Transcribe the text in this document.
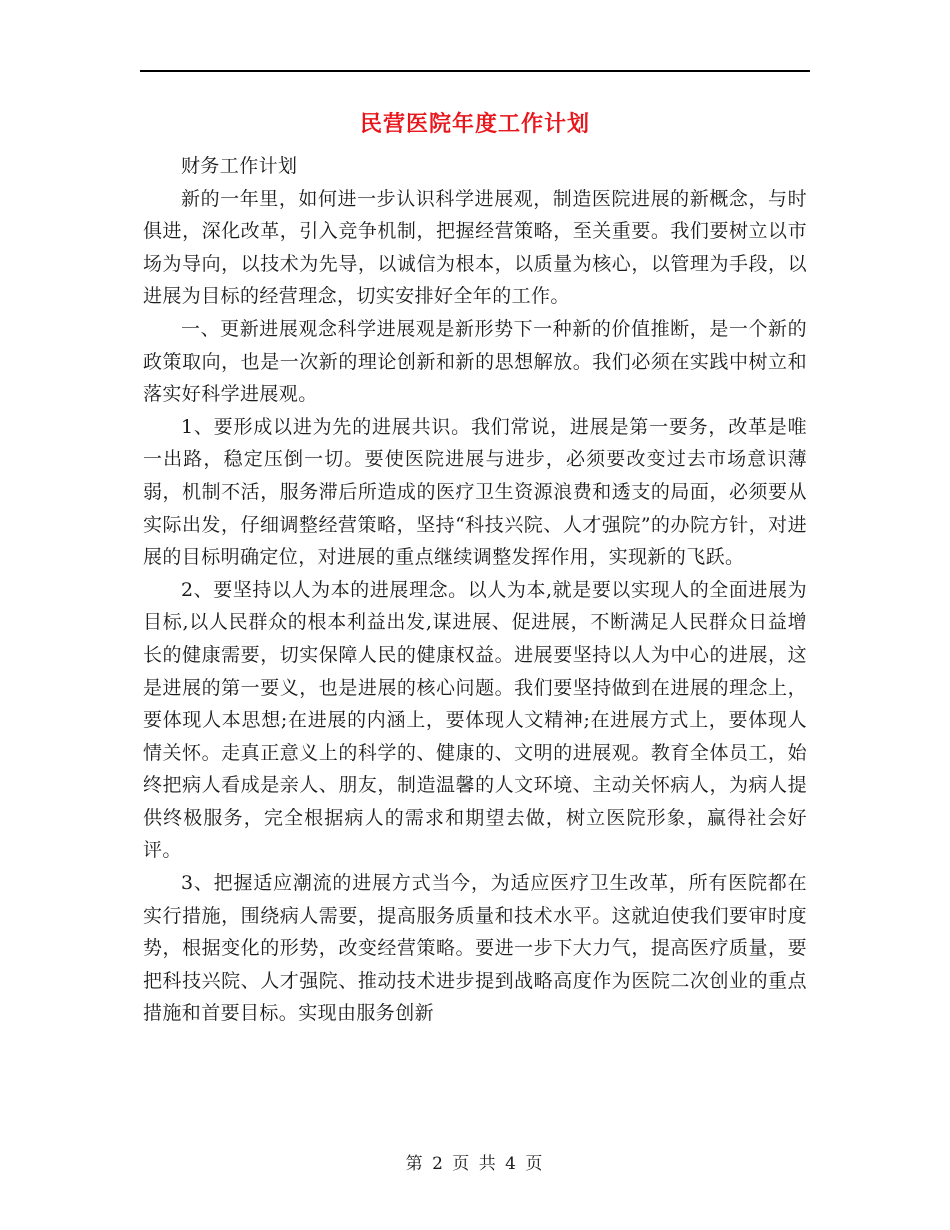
民营医院年度工作计划

财务工作计划

新的一年里，如何进一步认识科学进展观，制造医院进展的新概念，与时俱进，深化改革，引入竞争机制，把握经营策略，至关重要。我们要树立以市场为导向，以技术为先导，以诚信为根本，以质量为核心，以管理为手段，以进展为目标的经营理念，切实安排好全年的工作。

一、更新进展观念科学进展观是新形势下一种新的价值推断，是一个新的政策取向，也是一次新的理论创新和新的思想解放。我们必须在实践中树立和落实好科学进展观。

1、要形成以进为先的进展共识。我们常说，进展是第一要务，改革是唯一出路，稳定压倒一切。要使医院进展与进步，必须要改变过去市场意识薄弱，机制不活，服务滞后所造成的医疗卫生资源浪费和透支的局面，必须要从实际出发，仔细调整经营策略，坚持“科技兴院、人才强院”的办院方针，对进展的目标明确定位，对进展的重点继续调整发挥作用，实现新的飞跃。

2、要坚持以人为本的进展理念。以人为本,就是要以实现人的全面进展为目标,以人民群众的根本利益出发,谋进展、促进展，不断满足人民群众日益增长的健康需要，切实保障人民的健康权益。进展要坚持以人为中心的进展，这是进展的第一要义，也是进展的核心问题。我们要坚持做到在进展的理念上，要体现人本思想;在进展的内涵上，要体现人文精神;在进展方式上，要体现人情关怀。走真正意义上的科学的、健康的、文明的进展观。教育全体员工，始终把病人看成是亲人、朋友，制造温馨的人文环境、主动关怀病人，为病人提供终极服务，完全根据病人的需求和期望去做，树立医院形象，赢得社会好评。

3、把握适应潮流的进展方式当今，为适应医疗卫生改革，所有医院都在实行措施，围绕病人需要，提高服务质量和技术水平。这就迫使我们要审时度势，根据变化的形势，改变经营策略。要进一步下大力气，提高医疗质量，要把科技兴院、人才强院、推动技术进步提到战略高度作为医院二次创业的重点措施和首要目标。实现由服务创新

第 2 页 共 4 页
